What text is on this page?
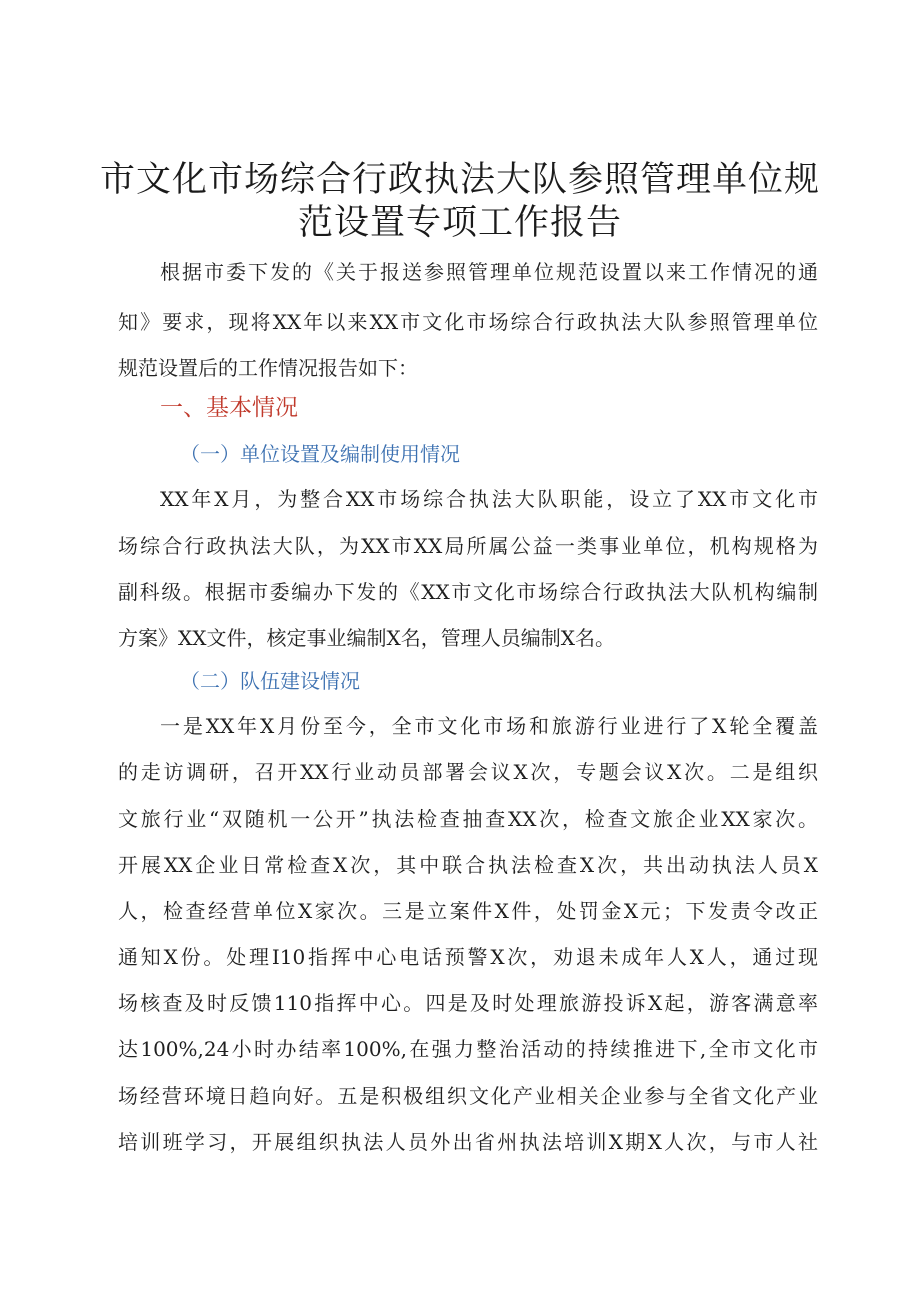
市文化市场综合行政执法大队参照管理单位规
范设置专项工作报告

根据市委下发的《关于报送参照管理单位规范设置以来工作情况的通

知》要求，现将XX年以来XX市文化市场综合行政执法大队参照管理单位

规范设置后的工作情况报告如下：

一、基本情况
（一）单位设置及编制使用情况

XX年X月，为整合XX市场综合执法大队职能，设立了XX市文化市

场综合行政执法大队，为XX市XX局所属公益一类事业单位，机构规格为

副科级。根据市委编办下发的《XX市文化市场综合行政执法大队机构编制

方案》XX文件，核定事业编制X名，管理人员编制X名。

（二）队伍建设情况

一是XX年X月份至今，全市文化市场和旅游行业进行了X轮全覆盖

的走访调研，召开XX行业动员部署会议X次，专题会议X次。二是组织

文旅行业“双随机一公开”执法检查抽查XX次，检查文旅企业XX家次。

开展XX企业日常检查X次，其中联合执法检查X次，共出动执法人员X

人，检查经营单位X家次。三是立案件X件，处罚金X元；下发责令改正

通知X份。处理I10指挥中心电话预警X次，劝退未成年人X人，通过现

场核查及时反馈110指挥中心。四是及时处理旅游投诉X起，游客满意率

达100%,24小时办结率100%,在强力整治活动的持续推进下,全市文化市

场经营环境日趋向好。五是积极组织文化产业相关企业参与全省文化产业

培训班学习，开展组织执法人员外出省州执法培训X期X人次，与市人社
